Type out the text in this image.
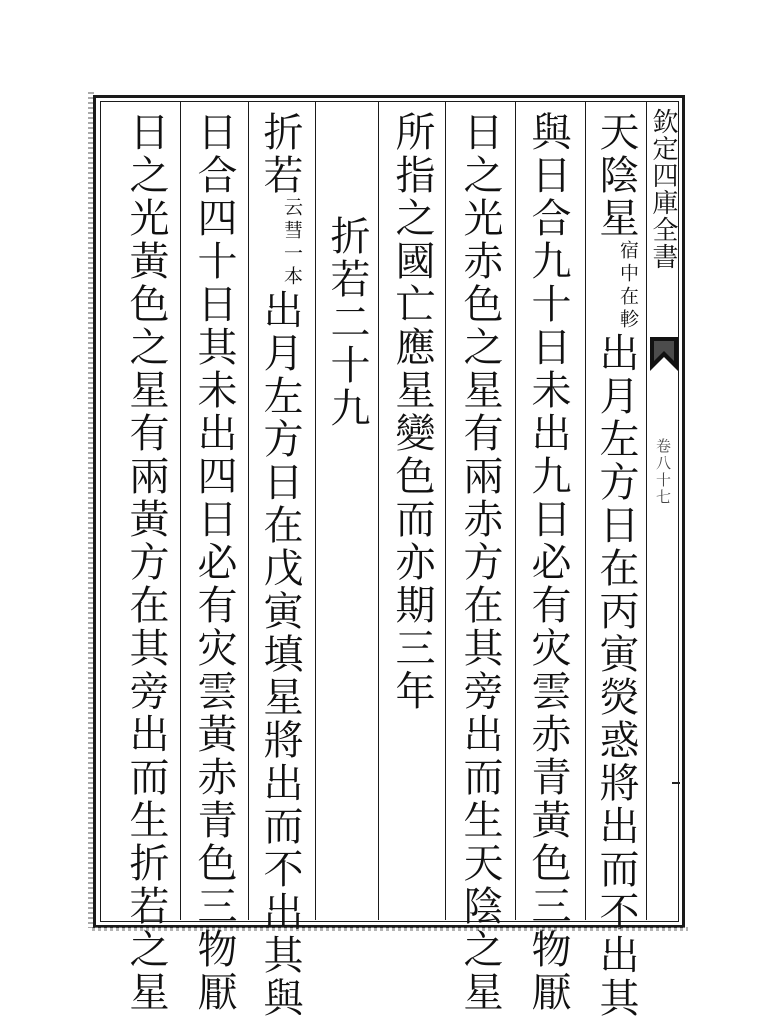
欽定四庫全書
卷八十七
天陰星
在軫
宿中
出月左方日在丙寅熒惑將出而不出其
與日合九十日未出九日必有灾雲赤青黃色三物厭
日之光赤色之星有兩赤方在其旁出而生天陰之星
所指之國亡應星變色而亦期三年
折若二十九
折若
一本
云彗
出月左方日在戊寅填星將出而不出其與
日合四十日其未出四日必有灾雲黃赤青色三物厭
日之光黃色之星有兩黃方在其旁出而生折若之星
